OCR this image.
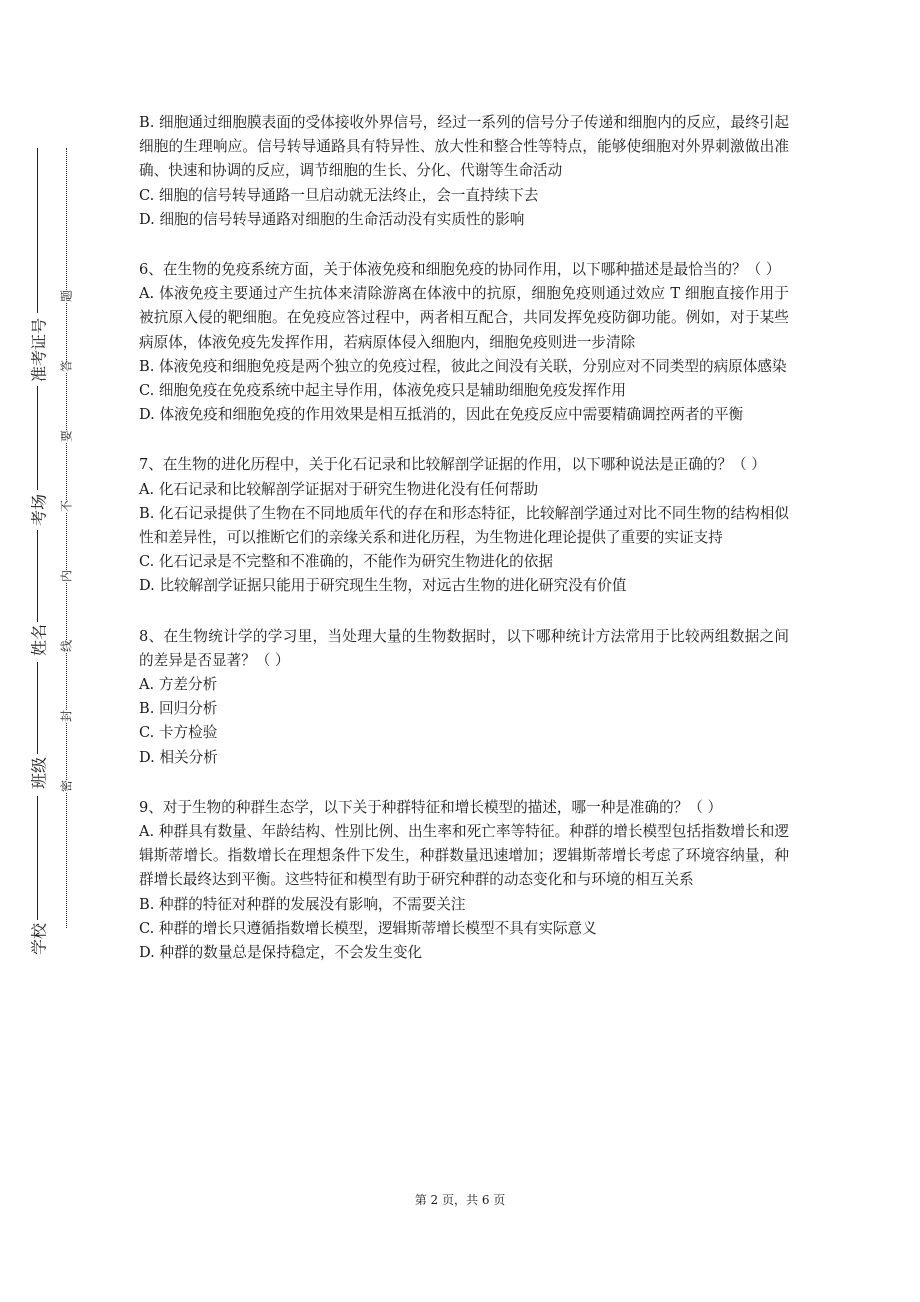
准考证号
考场
姓名
班级
学校
题
答
要
不
内
线
封
密

B. 细胞通过细胞膜表面的受体接收外界信号，经过一系列的信号分子传递和细胞内的反应，最终引起细胞的生理响应。信号转导通路具有特异性、放大性和整合性等特点，能够使细胞对外界刺激做出准确、快速和协调的反应，调节细胞的生长、分化、代谢等生命活动

C. 细胞的信号转导通路一旦启动就无法终止，会一直持续下去

D. 细胞的信号转导通路对细胞的生命活动没有实质性的影响

6、在生物的免疫系统方面，关于体液免疫和细胞免疫的协同作用，以下哪种描述是最恰当的？（ ）

A. 体液免疫主要通过产生抗体来清除游离在体液中的抗原，细胞免疫则通过效应 T 细胞直接作用于被抗原入侵的靶细胞。在免疫应答过程中，两者相互配合，共同发挥免疫防御功能。例如，对于某些病原体，体液免疫先发挥作用，若病原体侵入细胞内，细胞免疫则进一步清除

B. 体液免疫和细胞免疫是两个独立的免疫过程，彼此之间没有关联，分别应对不同类型的病原体感染

C. 细胞免疫在免疫系统中起主导作用，体液免疫只是辅助细胞免疫发挥作用

D. 体液免疫和细胞免疫的作用效果是相互抵消的，因此在免疫反应中需要精确调控两者的平衡

7、在生物的进化历程中，关于化石记录和比较解剖学证据的作用，以下哪种说法是正确的？（ ）

A. 化石记录和比较解剖学证据对于研究生物进化没有任何帮助

B. 化石记录提供了生物在不同地质年代的存在和形态特征，比较解剖学通过对比不同生物的结构相似性和差异性，可以推断它们的亲缘关系和进化历程，为生物进化理论提供了重要的实证支持

C. 化石记录是不完整和不准确的，不能作为研究生物进化的依据

D. 比较解剖学证据只能用于研究现生生物，对远古生物的进化研究没有价值

8、在生物统计学的学习里，当处理大量的生物数据时，以下哪种统计方法常用于比较两组数据之间的差异是否显著？（ ）

A. 方差分析

B. 回归分析

C. 卡方检验

D. 相关分析

9、对于生物的种群生态学，以下关于种群特征和增长模型的描述，哪一种是准确的？（ ）

A. 种群具有数量、年龄结构、性别比例、出生率和死亡率等特征。种群的增长模型包括指数增长和逻辑斯蒂增长。指数增长在理想条件下发生，种群数量迅速增加；逻辑斯蒂增长考虑了环境容纳量，种群增长最终达到平衡。这些特征和模型有助于研究种群的动态变化和与环境的相互关系

B. 种群的特征对种群的发展没有影响，不需要关注

C. 种群的增长只遵循指数增长模型，逻辑斯蒂增长模型不具有实际意义

D. 种群的数量总是保持稳定，不会发生变化

第 2 页，共 6 页
